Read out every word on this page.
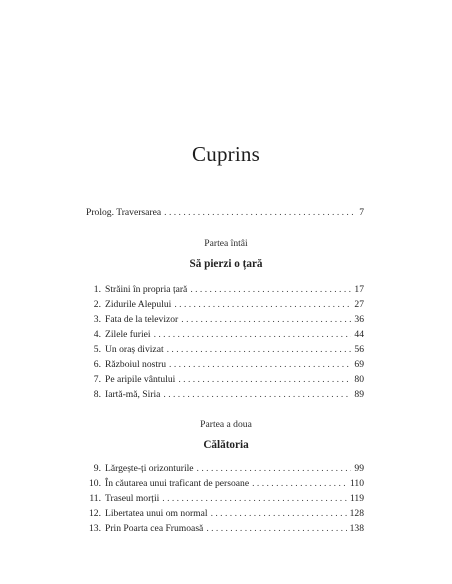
Cuprins
Prolog. Traversarea . . .	7
Partea întâi
Să pierzi o țară
1. Străini în propria țară . . .	17
2. Zidurile Alepului . . .	27
3. Fata de la televizor . . .	36
4. Zilele furiei . . .	44
5. Un oraș divizat . . .	56
6. Războiul nostru . . .	69
7. Pe aripile vântului . . .	80
8. Iartă-mă, Siria . . .	89
Partea a doua
Călătoria
9. Lărgește-ți orizonturile . . .	99
10. În căutarea unui traficant de persoane . . .	110
11. Traseul morții . . .	119
12. Libertatea unui om normal . . .	128
13. Prin Poarta cea Frumoasă . . .	138
